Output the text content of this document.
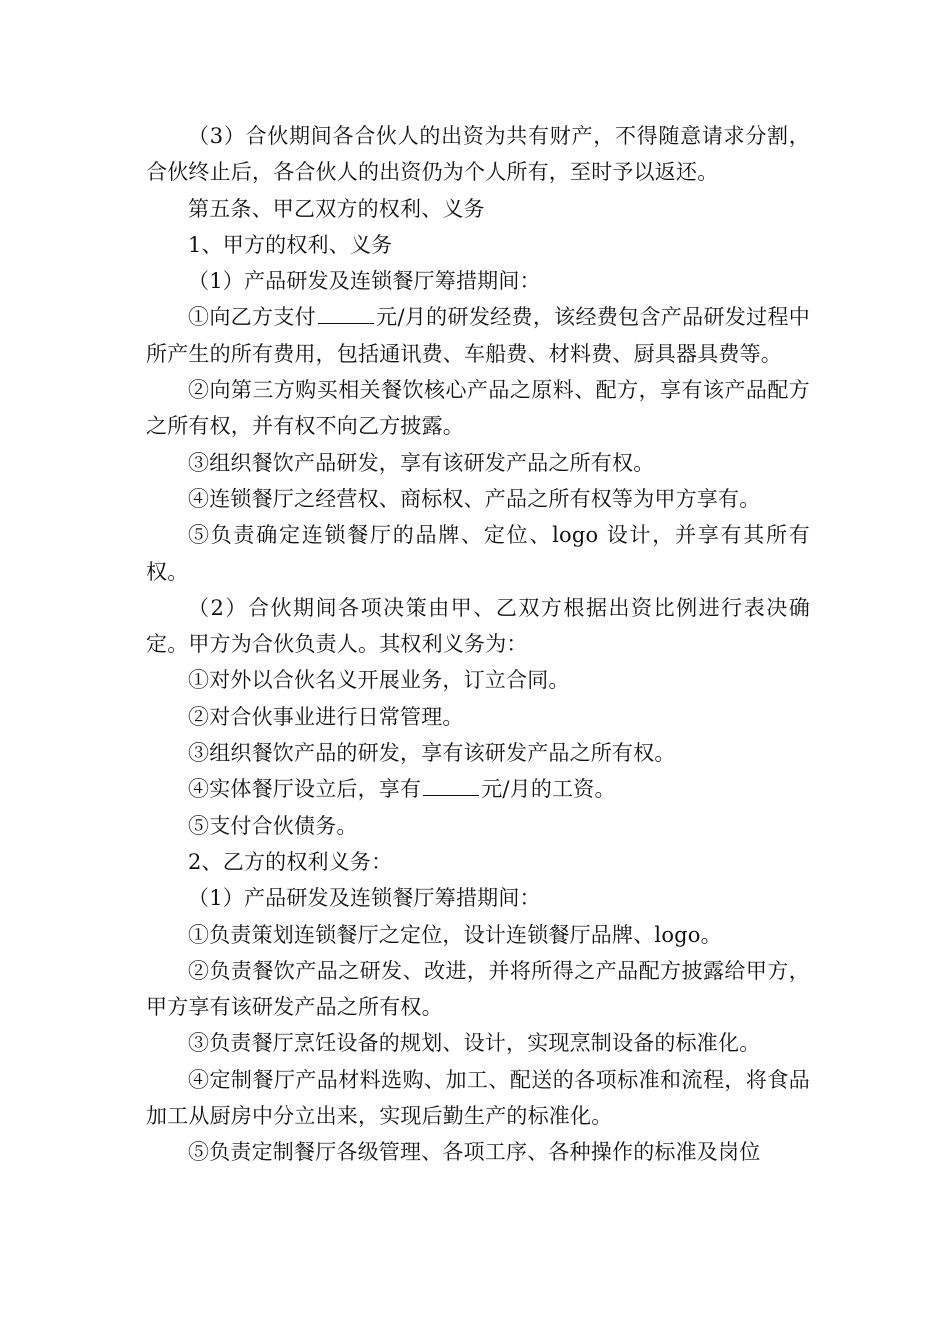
（3）合伙期间各合伙人的出资为共有财产，不得随意请求分割，合伙终止后，各合伙人的出资仍为个人所有，至时予以返还。

第五条、甲乙双方的权利、义务

1、甲方的权利、义务

（1）产品研发及连锁餐厅筹措期间：

①向乙方支付	元/月的研发经费，该经费包含产品研发过程中所产生的所有费用，包括通讯费、车船费、材料费、厨具器具费等。

②向第三方购买相关餐饮核心产品之原料、配方，享有该产品配方之所有权，并有权不向乙方披露。

③组织餐饮产品研发，享有该研发产品之所有权。

④连锁餐厅之经营权、商标权、产品之所有权等为甲方享有。

⑤负责确定连锁餐厅的品牌、定位、logo 设计，并享有其所有权。

（2）合伙期间各项决策由甲、乙双方根据出资比例进行表决确定。甲方为合伙负责人。其权利义务为：

①对外以合伙名义开展业务，订立合同。

②对合伙事业进行日常管理。

③组织餐饮产品的研发，享有该研发产品之所有权。

④实体餐厅设立后，享有	元/月的工资。

⑤支付合伙债务。

2、乙方的权利义务：

（1）产品研发及连锁餐厅筹措期间：

①负责策划连锁餐厅之定位，设计连锁餐厅品牌、logo。

②负责餐饮产品之研发、改进，并将所得之产品配方披露给甲方，甲方享有该研发产品之所有权。

③负责餐厅烹饪设备的规划、设计，实现烹制设备的标准化。

④定制餐厅产品材料选购、加工、配送的各项标准和流程，将食品加工从厨房中分立出来，实现后勤生产的标准化。

⑤负责定制餐厅各级管理、各项工序、各种操作的标准及岗位
